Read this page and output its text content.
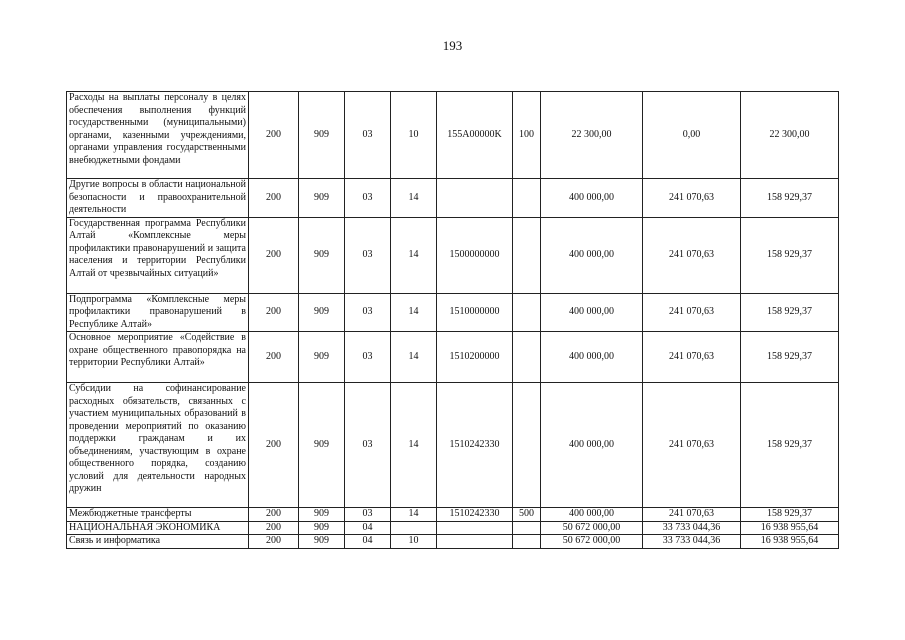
193
Расходы на выплаты персоналу в целях обеспечения выполнения функций государственными (муниципальными) органами, казенными учреждениями, органами управления государственными внебюджетными фондами	200	909	03	10	155A00000K	100	22 300,00	0,00	22 300,00
Другие вопросы в области национальной безопасности и правоохранительной деятельности	200	909	03	14			400 000,00	241 070,63	158 929,37
Государственная программа Республики Алтай «Комплексные меры профилактики правонарушений и защита населения и территории Республики Алтай от чрезвычайных ситуаций»	200	909	03	14	1500000000		400 000,00	241 070,63	158 929,37
Подпрограмма «Комплексные меры профилактики правонарушений в Республике Алтай»	200	909	03	14	1510000000		400 000,00	241 070,63	158 929,37
Основное мероприятие «Содействие в охране общественного правопорядка на территории Республики Алтай»	200	909	03	14	1510200000		400 000,00	241 070,63	158 929,37
Субсидии на софинансирование расходных обязательств, связанных с участием муниципальных образований в проведении мероприятий по оказанию поддержки гражданам и их объединениям, участвующим в охране общественного порядка, созданию условий для деятельности народных дружин	200	909	03	14	1510242330		400 000,00	241 070,63	158 929,37
Межбюджетные трансферты	200	909	03	14	1510242330	500	400 000,00	241 070,63	158 929,37
НАЦИОНАЛЬНАЯ ЭКОНОМИКА	200	909	04				50 672 000,00	33 733 044,36	16 938 955,64
Связь и информатика	200	909	04	10			50 672 000,00	33 733 044,36	16 938 955,64
